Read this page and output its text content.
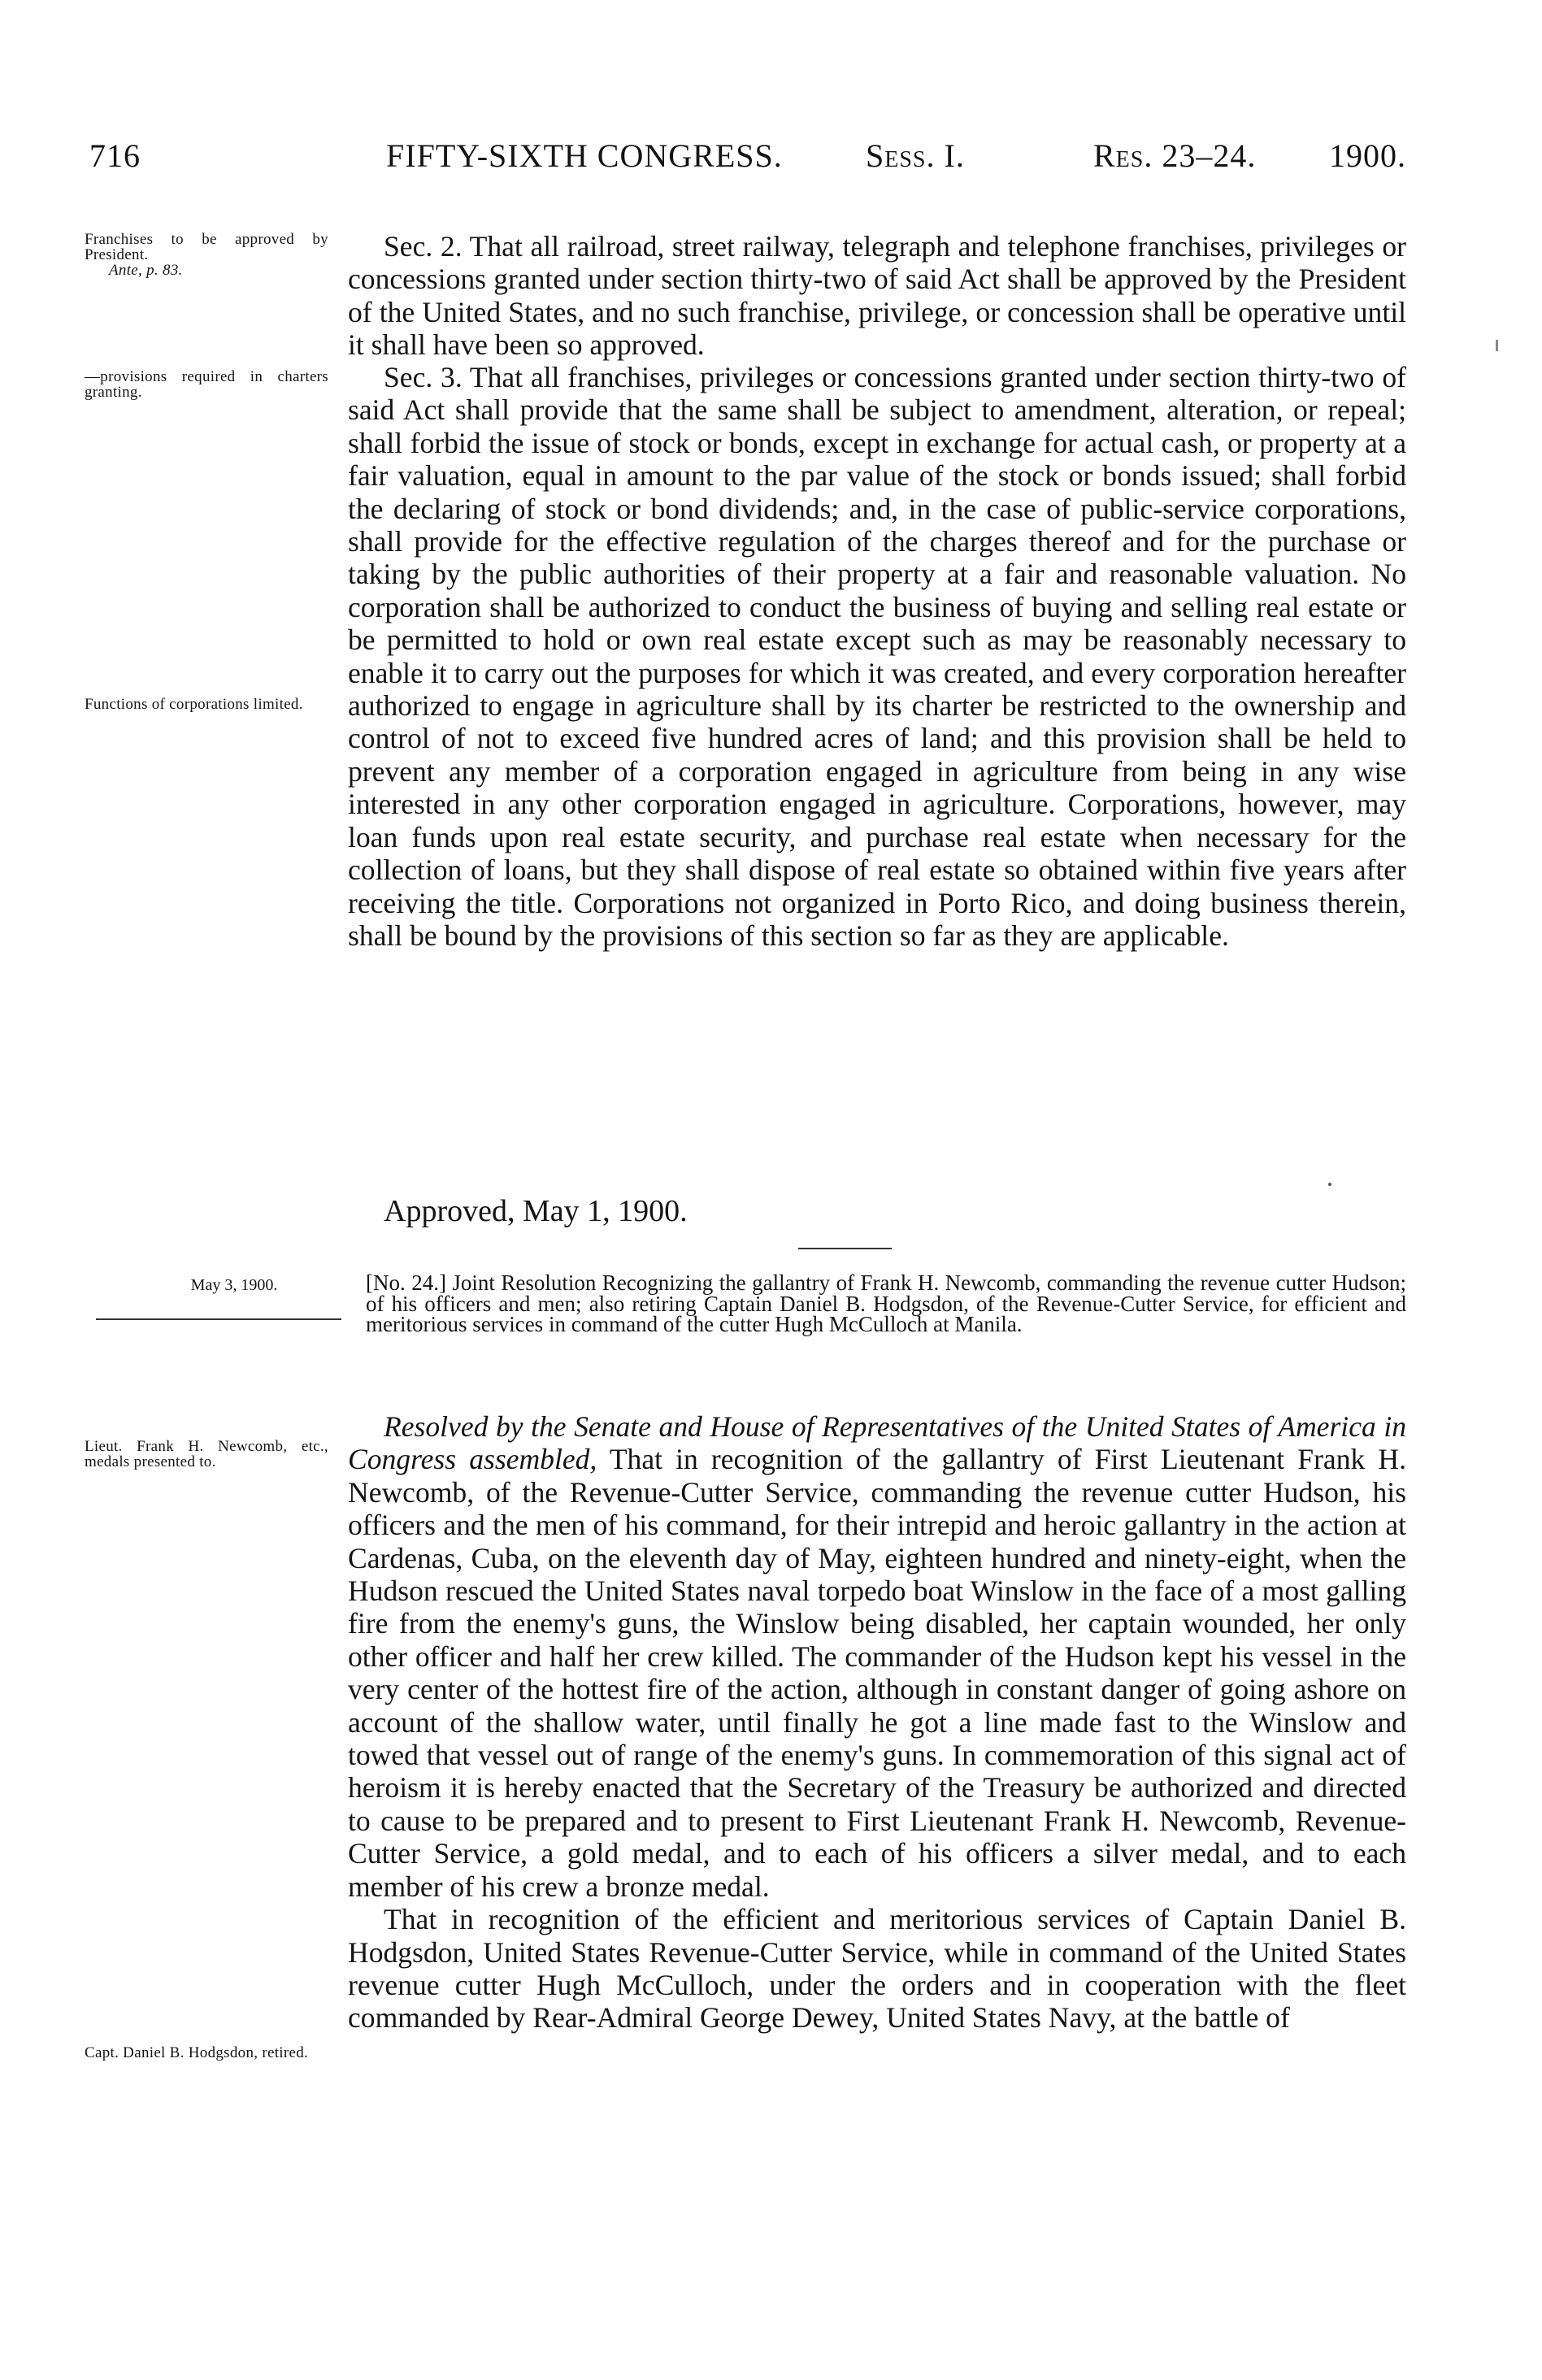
716	FIFTY-SIXTH CONGRESS.	Sess. I.	Res. 23–24. 1900.
Franchises to be approved by President.
Ante, p. 83.
—provisions required in charters granting.
Functions of corporations limited.

Sec. 2. That all railroad, street railway, telegraph and telephone franchises, privileges or concessions granted under section thirty-two of said Act shall be approved by the President of the United States, and no such franchise, privilege, or concession shall be operative until it shall have been so approved.

Sec. 3. That all franchises, privileges or concessions granted under section thirty-two of said Act shall provide that the same shall be subject to amendment, alteration, or repeal; shall forbid the issue of stock or bonds, except in exchange for actual cash, or property at a fair valuation, equal in amount to the par value of the stock or bonds issued; shall forbid the declaring of stock or bond dividends; and, in the case of public-service corporations, shall provide for the effective regulation of the charges thereof and for the purchase or taking by the public authorities of their property at a fair and reasonable valuation. No corporation shall be authorized to conduct the business of buying and selling real estate or be permitted to hold or own real estate except such as may be reasonably necessary to enable it to carry out the purposes for which it was created, and every corporation hereafter authorized to engage in agriculture shall by its charter be restricted to the ownership and control of not to exceed five hundred acres of land; and this provision shall be held to prevent any member of a corporation engaged in agriculture from being in any wise interested in any other corporation engaged in agriculture. Corporations, however, may loan funds upon real estate security, and purchase real estate when necessary for the collection of loans, but they shall dispose of real estate so obtained within five years after receiving the title. Corporations not organized in Porto Rico, and doing business therein, shall be bound by the provisions of this section so far as they are applicable.

Approved, May 1, 1900.
May 3, 1900.	[No. 24.] Joint Resolution Recognizing the gallantry of Frank H. Newcomb, commanding the revenue cutter Hudson; of his officers and men; also retiring Captain Daniel B. Hodgsdon, of the Revenue-Cutter Service, for efficient and meritorious services in command of the cutter Hugh McCulloch at Manila.

Lieut. Frank H. Newcomb, etc., medals presented to.
Capt. Daniel B. Hodgsdon, retired.

Resolved by the Senate and House of Representatives of the United States of America in Congress assembled, That in recognition of the gallantry of First Lieutenant Frank H. Newcomb, of the Revenue-Cutter Service, commanding the revenue cutter Hudson, his officers and the men of his command, for their intrepid and heroic gallantry in the action at Cardenas, Cuba, on the eleventh day of May, eighteen hundred and ninety-eight, when the Hudson rescued the United States naval torpedo boat Winslow in the face of a most galling fire from the enemy's guns, the Winslow being disabled, her captain wounded, her only other officer and half her crew killed. The commander of the Hudson kept his vessel in the very center of the hottest fire of the action, although in constant danger of going ashore on account of the shallow water, until finally he got a line made fast to the Winslow and towed that vessel out of range of the enemy's guns. In commemoration of this signal act of heroism it is hereby enacted that the Secretary of the Treasury be authorized and directed to cause to be prepared and to present to First Lieutenant Frank H. Newcomb, Revenue-Cutter Service, a gold medal, and to each of his officers a silver medal, and to each member of his crew a bronze medal.

That in recognition of the efficient and meritorious services of Captain Daniel B. Hodgsdon, United States Revenue-Cutter Service, while in command of the United States revenue cutter Hugh McCulloch, under the orders and in cooperation with the fleet commanded by Rear-Admiral George Dewey, United States Navy, at the battle of
